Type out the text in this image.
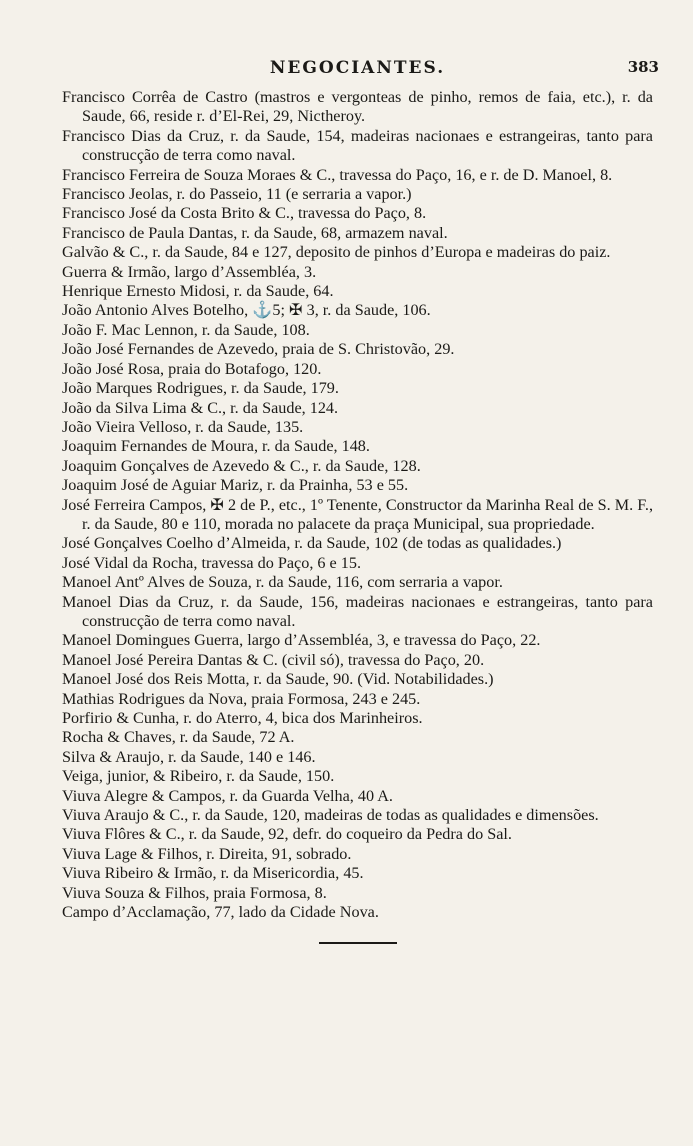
NEGOCIANTES.	383
Francisco Corrêa de Castro (mastros e vergonteas de pinho, remos de faia, etc.), r. da Saude, 66, reside r. d’El-Rei, 29, Nictheroy.
Francisco Dias da Cruz, r. da Saude, 154, madeiras nacionaes e estrangeiras, tanto para construcção de terra como naval.
Francisco Ferreira de Souza Moraes & C., travessa do Paço, 16, e r. de D. Manoel, 8.
Francisco Jeolas, r. do Passeio, 11 (e serraria a vapor.)
Francisco José da Costa Brito & C., travessa do Paço, 8.
Francisco de Paula Dantas, r. da Saude, 68, armazem naval.
Galvão & C., r. da Saude, 84 e 127, deposito de pinhos d’Europa e madeiras do paiz.
Guerra & Irmão, largo d’Assembléa, 3.
Henrique Ernesto Midosi, r. da Saude, 64.
João Antonio Alves Botelho, ⚓5; ✠ 3, r. da Saude, 106.
João F. Mac Lennon, r. da Saude, 108.
João José Fernandes de Azevedo, praia de S. Christovão, 29.
João José Rosa, praia do Botafogo, 120.
João Marques Rodrigues, r. da Saude, 179.
João da Silva Lima & C., r. da Saude, 124.
João Vieira Velloso, r. da Saude, 135.
Joaquim Fernandes de Moura, r. da Saude, 148.
Joaquim Gonçalves de Azevedo & C., r. da Saude, 128.
Joaquim José de Aguiar Mariz, r. da Prainha, 53 e 55.
José Ferreira Campos, ✠ 2 de P., etc., 1º Tenente, Constructor da Marinha Real de S. M. F., r. da Saude, 80 e 110, morada no palacete da praça Municipal, sua propriedade.
José Gonçalves Coelho d’Almeida, r. da Saude, 102 (de todas as qualidades.)
José Vidal da Rocha, travessa do Paço, 6 e 15.
Manoel Antº Alves de Souza, r. da Saude, 116, com serraria a vapor.
Manoel Dias da Cruz, r. da Saude, 156, madeiras nacionaes e estrangeiras, tanto para construcção de terra como naval.
Manoel Domingues Guerra, largo d’Assembléa, 3, e travessa do Paço, 22.
Manoel José Pereira Dantas & C. (civil só), travessa do Paço, 20.
Manoel José dos Reis Motta, r. da Saude, 90. (Vid. Notabilidades.)
Mathias Rodrigues da Nova, praia Formosa, 243 e 245.
Porfirio & Cunha, r. do Aterro, 4, bica dos Marinheiros.
Rocha & Chaves, r. da Saude, 72 A.
Silva & Araujo, r. da Saude, 140 e 146.
Veiga, junior, & Ribeiro, r. da Saude, 150.
Viuva Alegre & Campos, r. da Guarda Velha, 40 A.
Viuva Araujo & C., r. da Saude, 120, madeiras de todas as qualidades e dimensões.
Viuva Flôres & C., r. da Saude, 92, defr. do coqueiro da Pedra do Sal.
Viuva Lage & Filhos, r. Direita, 91, sobrado.
Viuva Ribeiro & Irmão, r. da Misericordia, 45.
Viuva Souza & Filhos, praia Formosa, 8.
Campo d’Acclamação, 77, lado da Cidade Nova.
